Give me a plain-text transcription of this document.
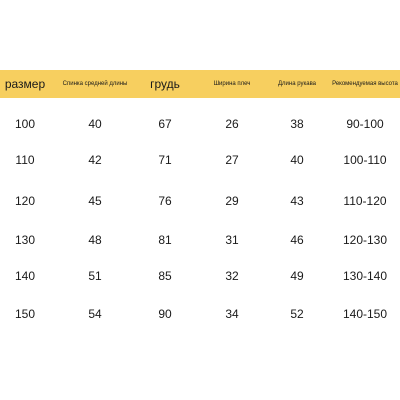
размер	Спинка средней длины	грудь	Ширина плеч	Длина рукава	Рекомендуемая высота
100	40	67	26	38	90-100
110	42	71	27	40	100-110
120	45	76	29	43	110-120
130	48	81	31	46	120-130
140	51	85	32	49	130-140
150	54	90	34	52	140-150
